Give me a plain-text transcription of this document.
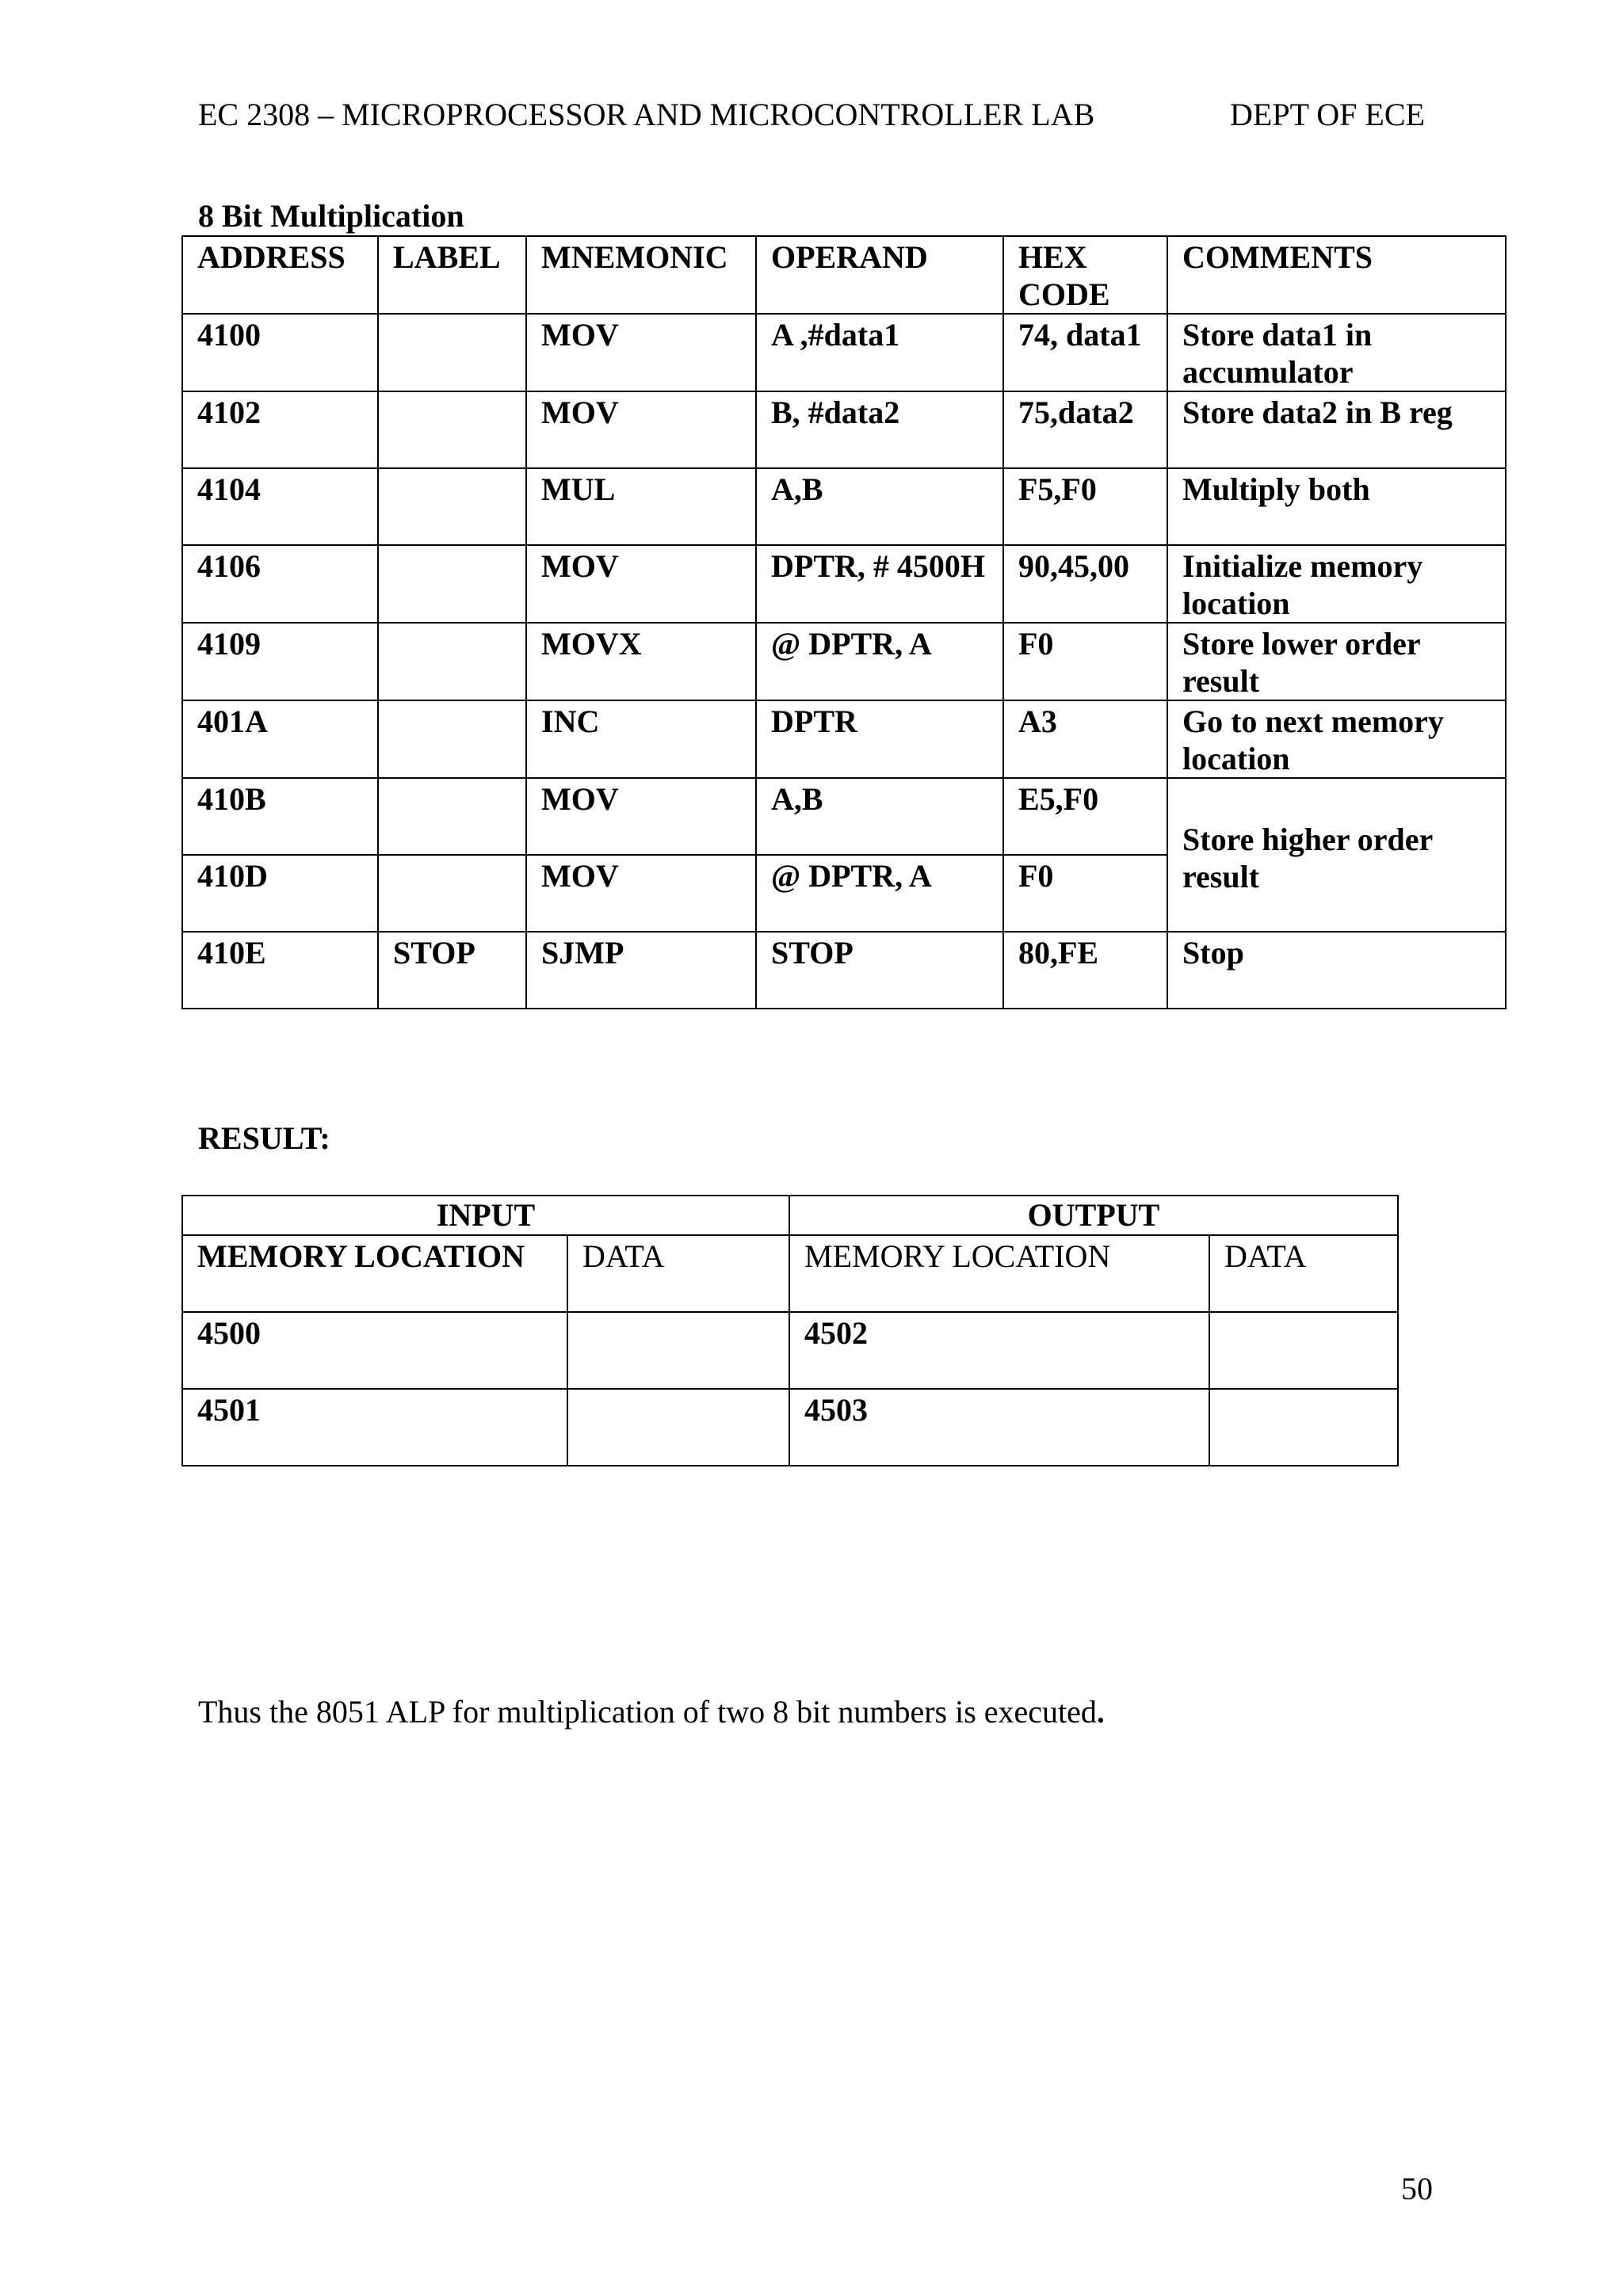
EC 2308 – MICROPROCESSOR AND MICROCONTROLLER LAB	DEPT OF ECE
8 Bit Multiplication
ADDRESS	LABEL	MNEMONIC	OPERAND	HEX CODE	COMMENTS
4100		MOV	A ,#data1	74, data1	Store data1 in accumulator
4102		MOV	B, #data2	75,data2	Store data2 in B reg
4104		MUL	A,B	F5,F0	Multiply both
4106		MOV	DPTR, # 4500H	90,45,00	Initialize memory location
4109		MOVX	@ DPTR, A	F0	Store lower order result
401A		INC	DPTR	A3	Go to next memory location
410B		MOV	A,B	E5,F0	Store higher order result
410D		MOV	@ DPTR, A	F0	
410E	STOP	SJMP	STOP	80,FE	Stop
RESULT:
INPUT		OUTPUT	
MEMORY LOCATION	DATA	MEMORY LOCATION	DATA
4500		4502	
4501		4503	
Thus the 8051 ALP for multiplication of two 8 bit numbers is executed.
50
